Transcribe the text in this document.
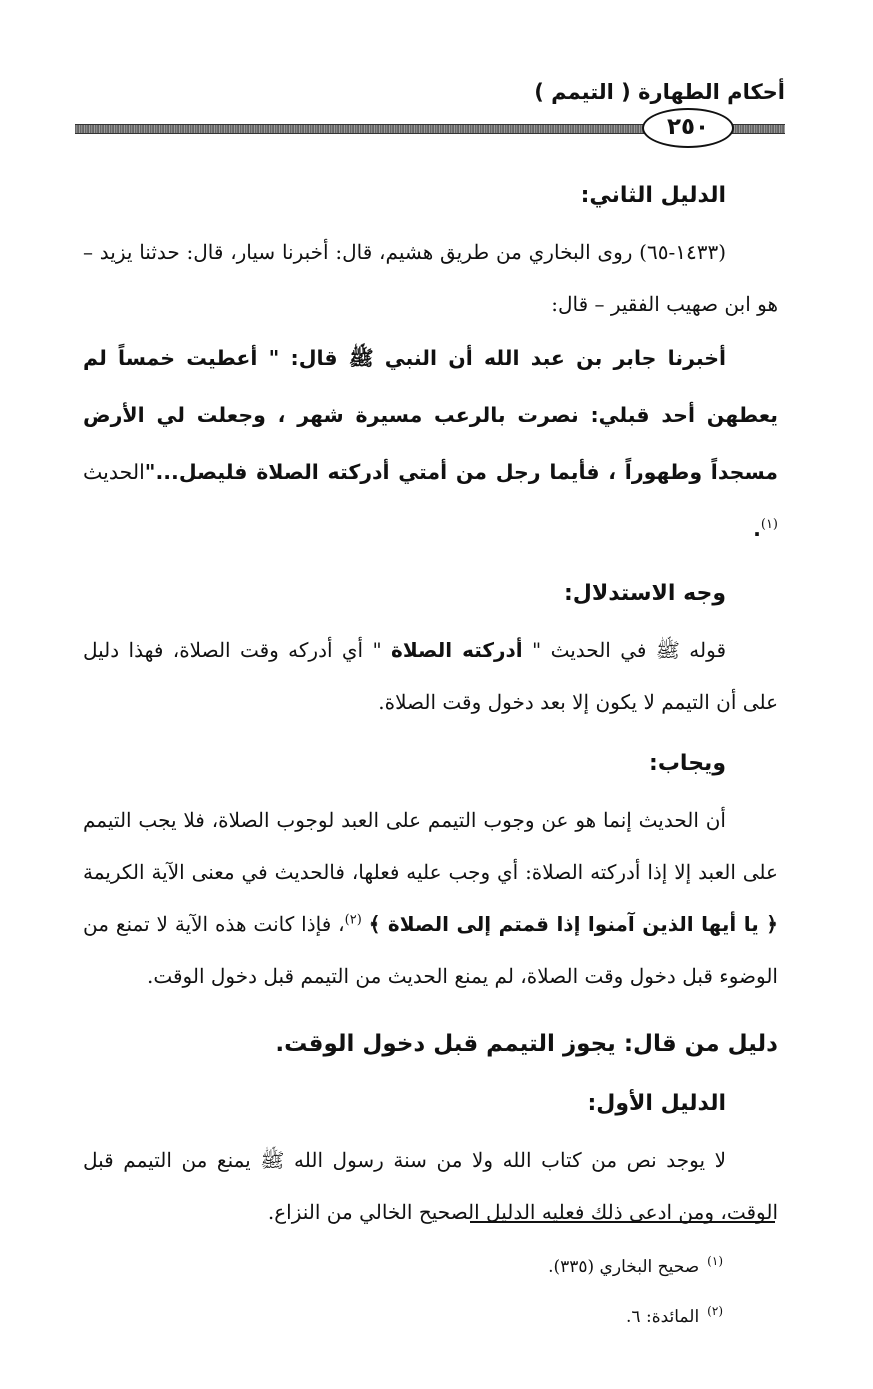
أحكام الطهارة ( التيمم )
٢٥٠
الدليل الثاني:
(١٤٣٣-٦٥) روى البخاري من طريق هشيم، قال: أخبرنا سيار، قال: حدثنا يزيد – هو ابن صهيب الفقير – قال:
أخبرنا جابر بن عبد الله أن النبي ﷺ قال: " أعطيت خمساً لم يعطهن أحد قبلي: نصرت بالرعب مسيرة شهر ، وجعلت لي الأرض مسجداً وطهوراً ، فأيما رجل من أمتي أدركته الصلاة فليصل..."الحديث $^{(١)}$.
وجه الاستدلال:
قوله ﷺ في الحديث " أدركته الصلاة " أي أدركه وقت الصلاة، فهذا دليل على أن التيمم لا يكون إلا بعد دخول وقت الصلاة.
ويجاب:
أن الحديث إنما هو عن وجوب التيمم على العبد لوجوب الصلاة، فلا يجب التيمم على العبد إلا إذا أدركته الصلاة: أي وجب عليه فعلها، فالحديث في معنى الآية الكريمة ﴿ يا أيها الذين آمنوا إذا قمتم إلى الصلاة ﴾ $^{(٢)}$، فإذا كانت هذه الآية لا تمنع من الوضوء قبل دخول وقت الصلاة، لم يمنع الحديث من التيمم قبل دخول الوقت.
دليل من قال: يجوز التيمم قبل دخول الوقت.
الدليل الأول:
لا يوجد نص من كتاب الله ولا من سنة رسول الله ﷺ يمنع من التيمم قبل الوقت، ومن ادعى ذلك فعليه الدليل الصحيح الخالي من النزاع.
$^{(١)}$صحيح البخاري (٣٣٥).
$^{(٢)}$المائدة: ٦.
